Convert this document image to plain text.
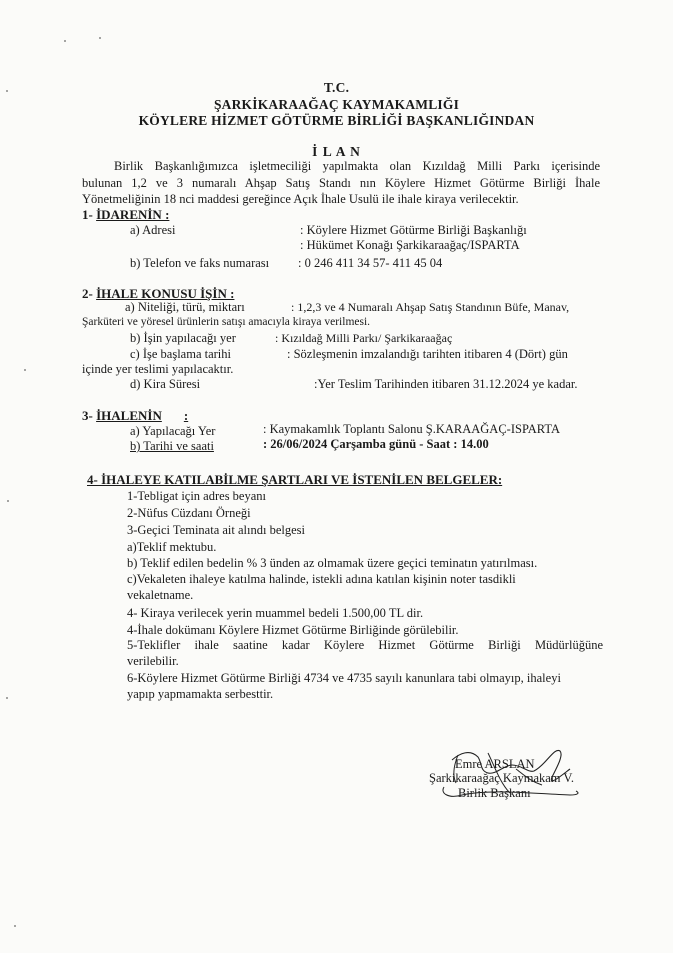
T.C.
ŞARKİKARAAĞAÇ KAYMAKAMLIĞI
KÖYLERE HİZMET GÖTÜRME BİRLİĞİ BAŞKANLIĞINDAN
İ L A N
Birlik Başkanlığımızca işletmeciliği yapılmakta olan Kızıldağ Milli Parkı içerisinde
bulunan 1,2 ve 3 numaralı Ahşap Satış Standı nın Köylere Hizmet Götürme Birliği İhale
Yönetmeliğinin 18 nci maddesi gereğince Açık İhale Usulü ile ihale kiraya verilecektir.
1- İDARENİN :
a) Adresi	: Köylere Hizmet Götürme Birliği Başkanlığı
: Hükümet Konağı Şarkikaraağaç/ISPARTA
b) Telefon ve faks numarası : 0 246 411 34 57- 411 45 04
2- İHALE KONUSU İŞİN :
a) Niteliği, türü, miktarı	: 1,2,3 ve 4 Numaralı Ahşap Satış Standının Büfe, Manav,
Şarküteri ve yöresel ürünlerin satışı amacıyla kiraya verilmesi.
b) İşin yapılacağı yer	: Kızıldağ Milli Parkı/ Şarkikaraağaç
c) İşe başlama tarihi	: Sözleşmenin imzalandığı tarihten itibaren 4 (Dört) gün
içinde yer teslimi yapılacaktır.
d) Kira Süresi	:Yer Teslim Tarihinden itibaren 31.12.2024 ye kadar.
3- İHALENİN :
a) Yapılacağı Yer	: Kaymakamlık Toplantı Salonu Ş.KARAAĞAÇ-ISPARTA
b) Tarihi ve saati	: 26/06/2024 Çarşamba günü - Saat : 14.00
4- İHALEYE KATILABİLME ŞARTLARI VE İSTENİLEN BELGELER:
1-Tebligat için adres beyanı
2-Nüfus Cüzdanı Örneği
3-Geçici Teminata ait alındı belgesi
a)Teklif mektubu.
b) Teklif edilen bedelin % 3 ünden az olmamak üzere geçici teminatın yatırılması.
c)Vekaleten ihaleye katılma halinde, istekli adına katılan kişinin noter tasdikli
vekaletname.
4- Kiraya verilecek yerin muammel bedeli 1.500,00 TL dir.
4-İhale dokümanı Köylere Hizmet Götürme Birliğinde görülebilir.
5-Teklifler ihale saatine kadar Köylere Hizmet Götürme Birliği Müdürlüğüne
verilebilir.
6-Köylere Hizmet Götürme Birliği 4734 ve 4735 sayılı kanunlara tabi olmayıp, ihaleyi
yapıp yapmamakta serbesttir.
Emre ARSLAN
Şarkikaraağaç Kaymakam V.
Birlik Başkanı
